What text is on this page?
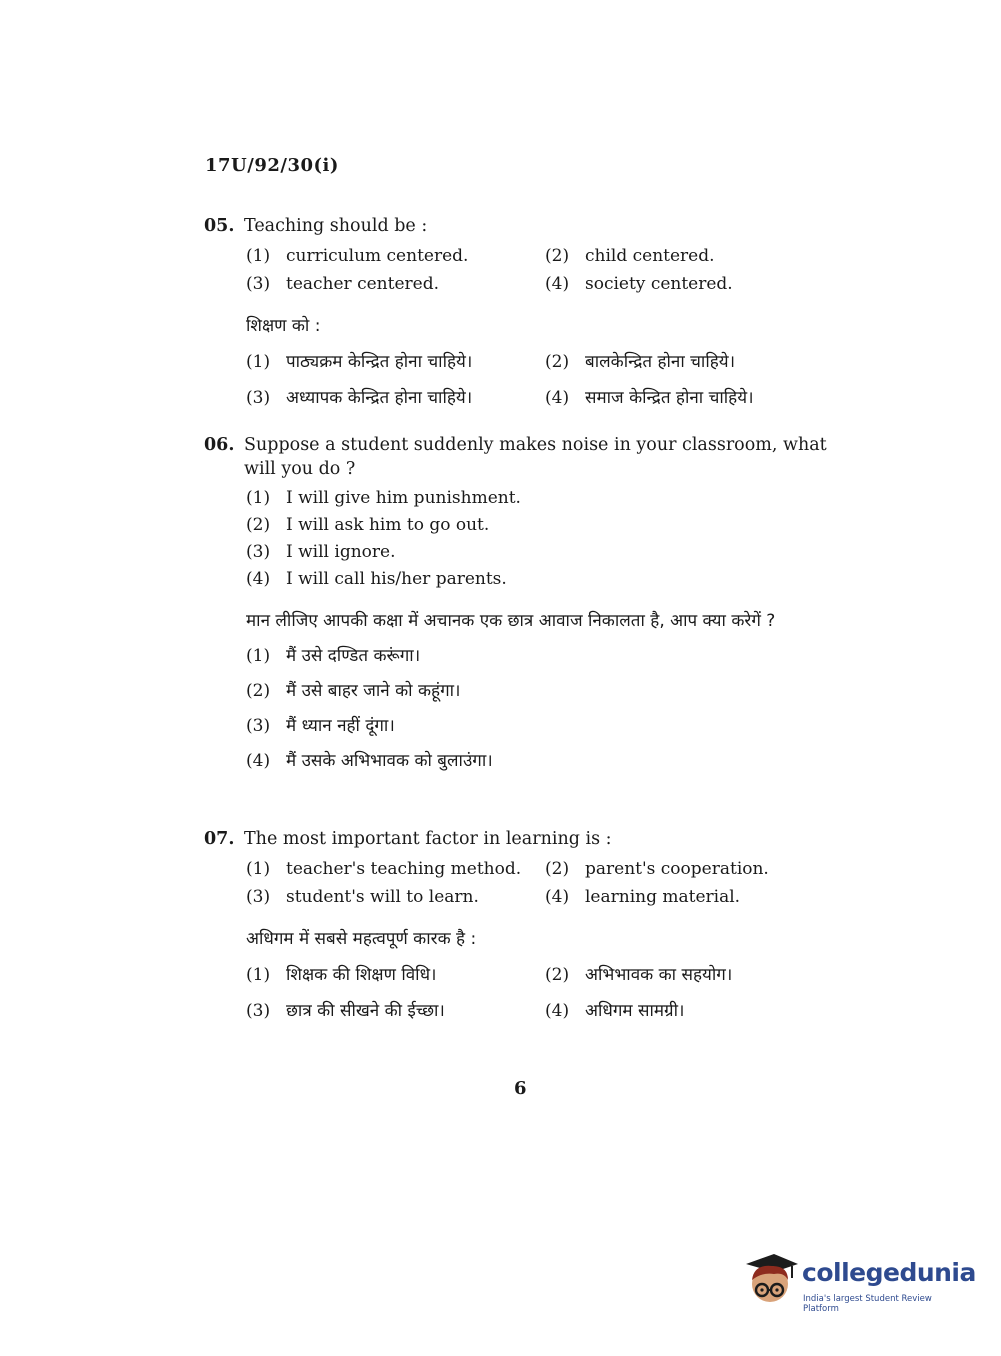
17U/92/30(i)
05. Teaching should be :
(1) curriculum centered.	(2) child centered.
(3) teacher centered.	(4) society centered.
शिक्षण को :
(1) पाठ्यक्रम केन्द्रित होना चाहिये।	(2) बालकेन्द्रित होना चाहिये।
(3) अध्यापक केन्द्रित होना चाहिये।	(4) समाज केन्द्रित होना चाहिये।
06. Suppose a student suddenly makes noise in your classroom, what will you do ?
(1) I will give him punishment.
(2) I will ask him to go out.
(3) I will ignore.
(4) I will call his/her parents.
मान लीजिए आपकी कक्षा में अचानक एक छात्र आवाज निकालता है, आप क्या करेगें ?
(1) मैं उसे दण्डित करूंगा।
(2) मैं उसे बाहर जाने को कहूंगा।
(3) मैं ध्यान नहीं दूंगा।
(4) मैं उसके अभिभावक को बुलाउंगा।
07. The most important factor in learning is :
(1) teacher's teaching method. (2) parent's cooperation.
(3) student's will to learn.	(4) learning material.
अधिगम में सबसे महत्वपूर्ण कारक है :
(1) शिक्षक की शिक्षण विधि।	(2) अभिभावक का सहयोग।
(3) छात्र की सीखने की ईच्छा।	(4) अधिगम सामग्री।
6
collegedunia
India's largest Student Review Platform
